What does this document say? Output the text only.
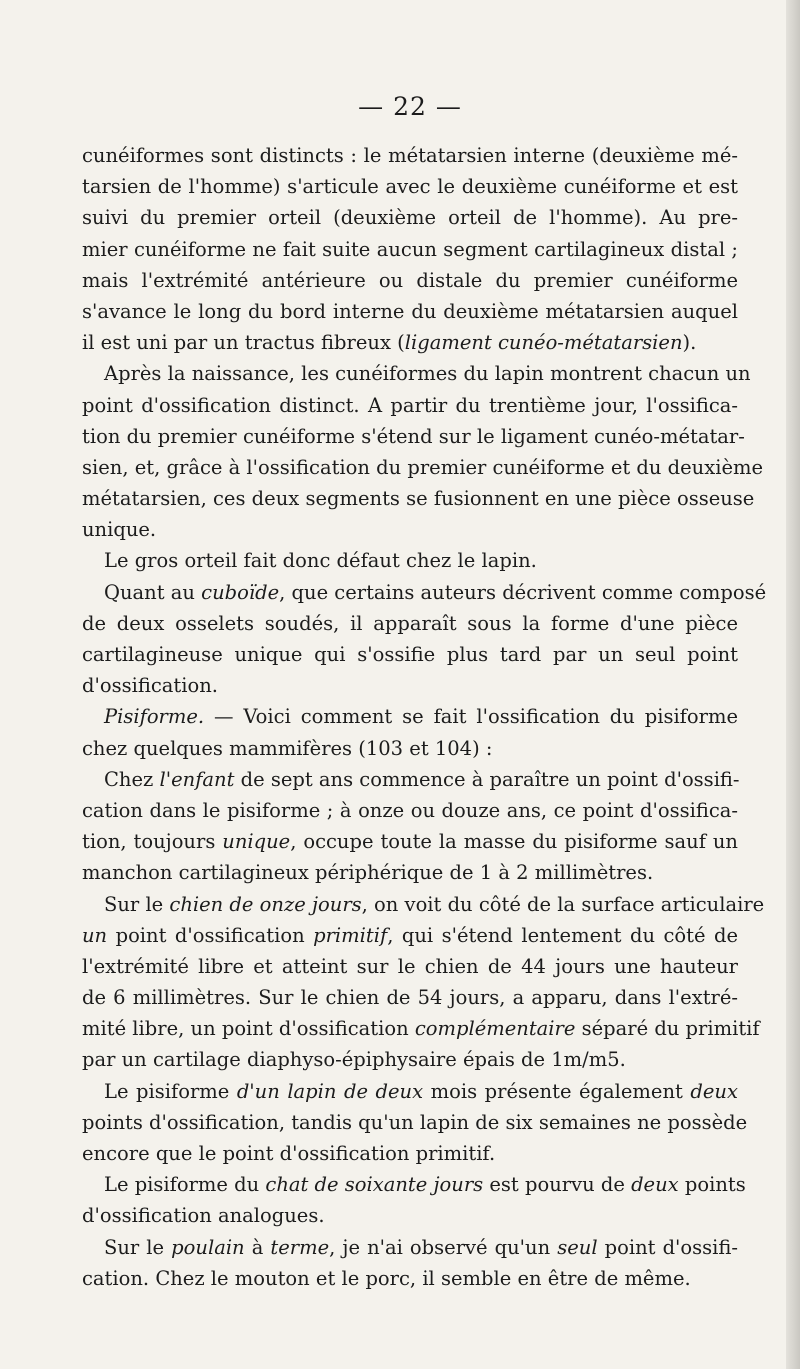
— 22 —
cunéiformes sont distincts : le métatarsien interne (deuxième mé-
tarsien de l'homme) s'articule avec le deuxième cunéiforme et est
suivi du premier orteil (deuxième orteil de l'homme). Au pre-
mier cunéiforme ne fait suite aucun segment cartilagineux distal ;
mais l'extrémité antérieure ou distale du premier cunéiforme
s'avance le long du bord interne du deuxième métatarsien auquel
il est uni par un tractus fibreux (ligament cunéo-métatarsien).
Après la naissance, les cunéiformes du lapin montrent chacun un
point d'ossification distinct. A partir du trentième jour, l'ossifica-
tion du premier cunéiforme s'étend sur le ligament cunéo-métatar-
sien, et, grâce à l'ossification du premier cunéiforme et du deuxième
métatarsien, ces deux segments se fusionnent en une pièce osseuse
unique.
Le gros orteil fait donc défaut chez le lapin.
Quant au cuboïde, que certains auteurs décrivent comme composé
de deux osselets soudés, il apparaît sous la forme d'une pièce
cartilagineuse unique qui s'ossifie plus tard par un seul point
d'ossification.
Pisiforme. — Voici comment se fait l'ossification du pisiforme
chez quelques mammifères (103 et 104) :
Chez l'enfant de sept ans commence à paraître un point d'ossifi-
cation dans le pisiforme ; à onze ou douze ans, ce point d'ossifica-
tion, toujours unique, occupe toute la masse du pisiforme sauf un
manchon cartilagineux périphérique de 1 à 2 millimètres.
Sur le chien de onze jours, on voit du côté de la surface articulaire
un point d'ossification primitif, qui s'étend lentement du côté de
l'extrémité libre et atteint sur le chien de 44 jours une hauteur
de 6 millimètres. Sur le chien de 54 jours, a apparu, dans l'extré-
mité libre, un point d'ossification complémentaire séparé du primitif
par un cartilage diaphyso-épiphysaire épais de 1m/m5.
Le pisiforme d'un lapin de deux mois présente également deux
points d'ossification, tandis qu'un lapin de six semaines ne possède
encore que le point d'ossification primitif.
Le pisiforme du chat de soixante jours est pourvu de deux points
d'ossification analogues.
Sur le poulain à terme, je n'ai observé qu'un seul point d'ossifi-
cation. Chez le mouton et le porc, il semble en être de même.
